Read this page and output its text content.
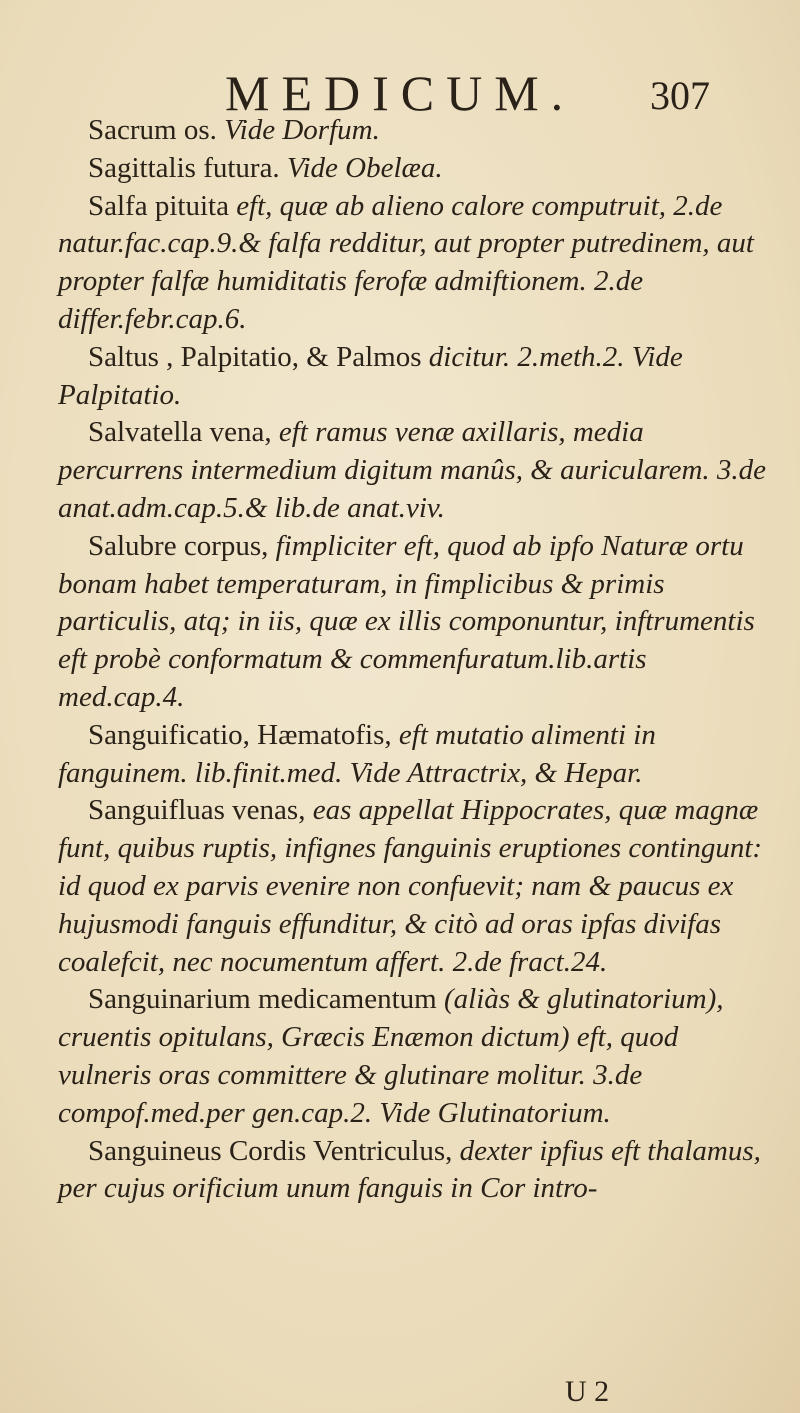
MEDICUM. 307

Sacrum os. Vide Dorfum.

Sagittalis futura. Vide Obelæa.

Salfa pituita eft, quæ ab alieno calore computruit, 2.de natur.fac.cap.9.& falfa redditur, aut propter putredinem, aut propter falfæ humiditatis ferofæ admiftionem. 2.de differ.febr.cap.6.

Saltus , Palpitatio, & Palmos dicitur. 2.meth.2. Vide Palpitatio.

Salvatella vena, eft ramus venæ axillaris, media percurrens intermedium digitum manûs, & auricularem. 3.de anat.adm.cap.5.& lib.de anat.viv.

Salubre corpus, fimpliciter eft, quod ab ipfo Naturæ ortu bonam habet temperaturam, in fimplicibus & primis particulis, atq; in iis, quæ ex illis componuntur, inftrumentis eft probè conformatum & commenfuratum.lib.artis med.cap.4.

Sanguificatio, Hæmatofis, eft mutatio alimenti in fanguinem. lib.finit.med. Vide Attractrix, & Hepar.

Sanguifluas venas, eas appellat Hippocrates, quæ magnæ funt, quibus ruptis, infignes fanguinis eruptiones contingunt: id quod ex parvis evenire non confuevit; nam & paucus ex hujusmodi fanguis effunditur, & citò ad oras ipfas divifas coalefcit, nec nocumentum affert. 2.de fract.24.

Sanguinarium medicamentum (aliàs & glutinatorium), cruentis opitulans, Græcis Enæmon dictum) eft, quod vulneris oras committere & glutinare molitur. 3.de compof.med.per gen.cap.2. Vide Glutinatorium.

Sanguineus Cordis Ventriculus, dexter ipfius eft thalamus, per cujus orificium unum fanguis in Cor intro-

U 2
